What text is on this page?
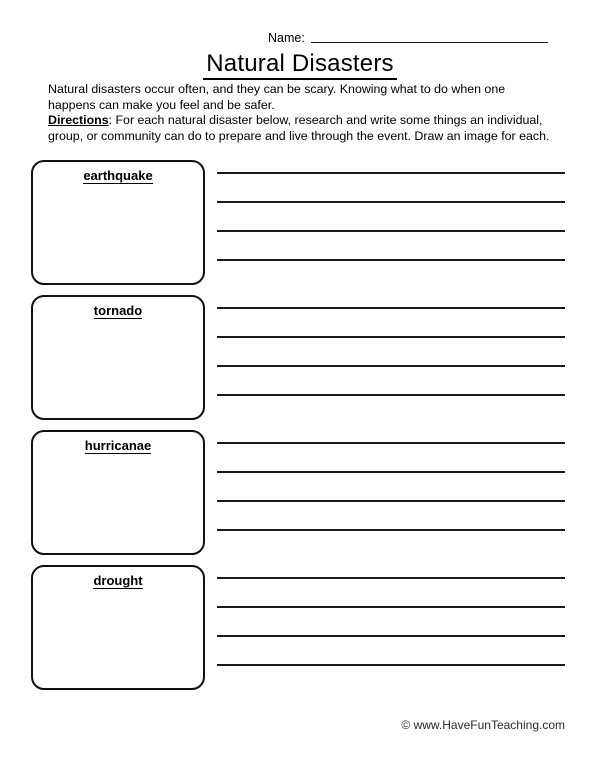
Name:
Natural Disasters

Natural disasters occur often, and they can be scary. Knowing what to do when one happens can make you feel and be safer.

Directions: For each natural disaster below, research and write some things an individual, group, or community can do to prepare and live through the event. Draw an image for each.

earthquake
tornado
hurricanae
drought
© www.HaveFunTeaching.com
